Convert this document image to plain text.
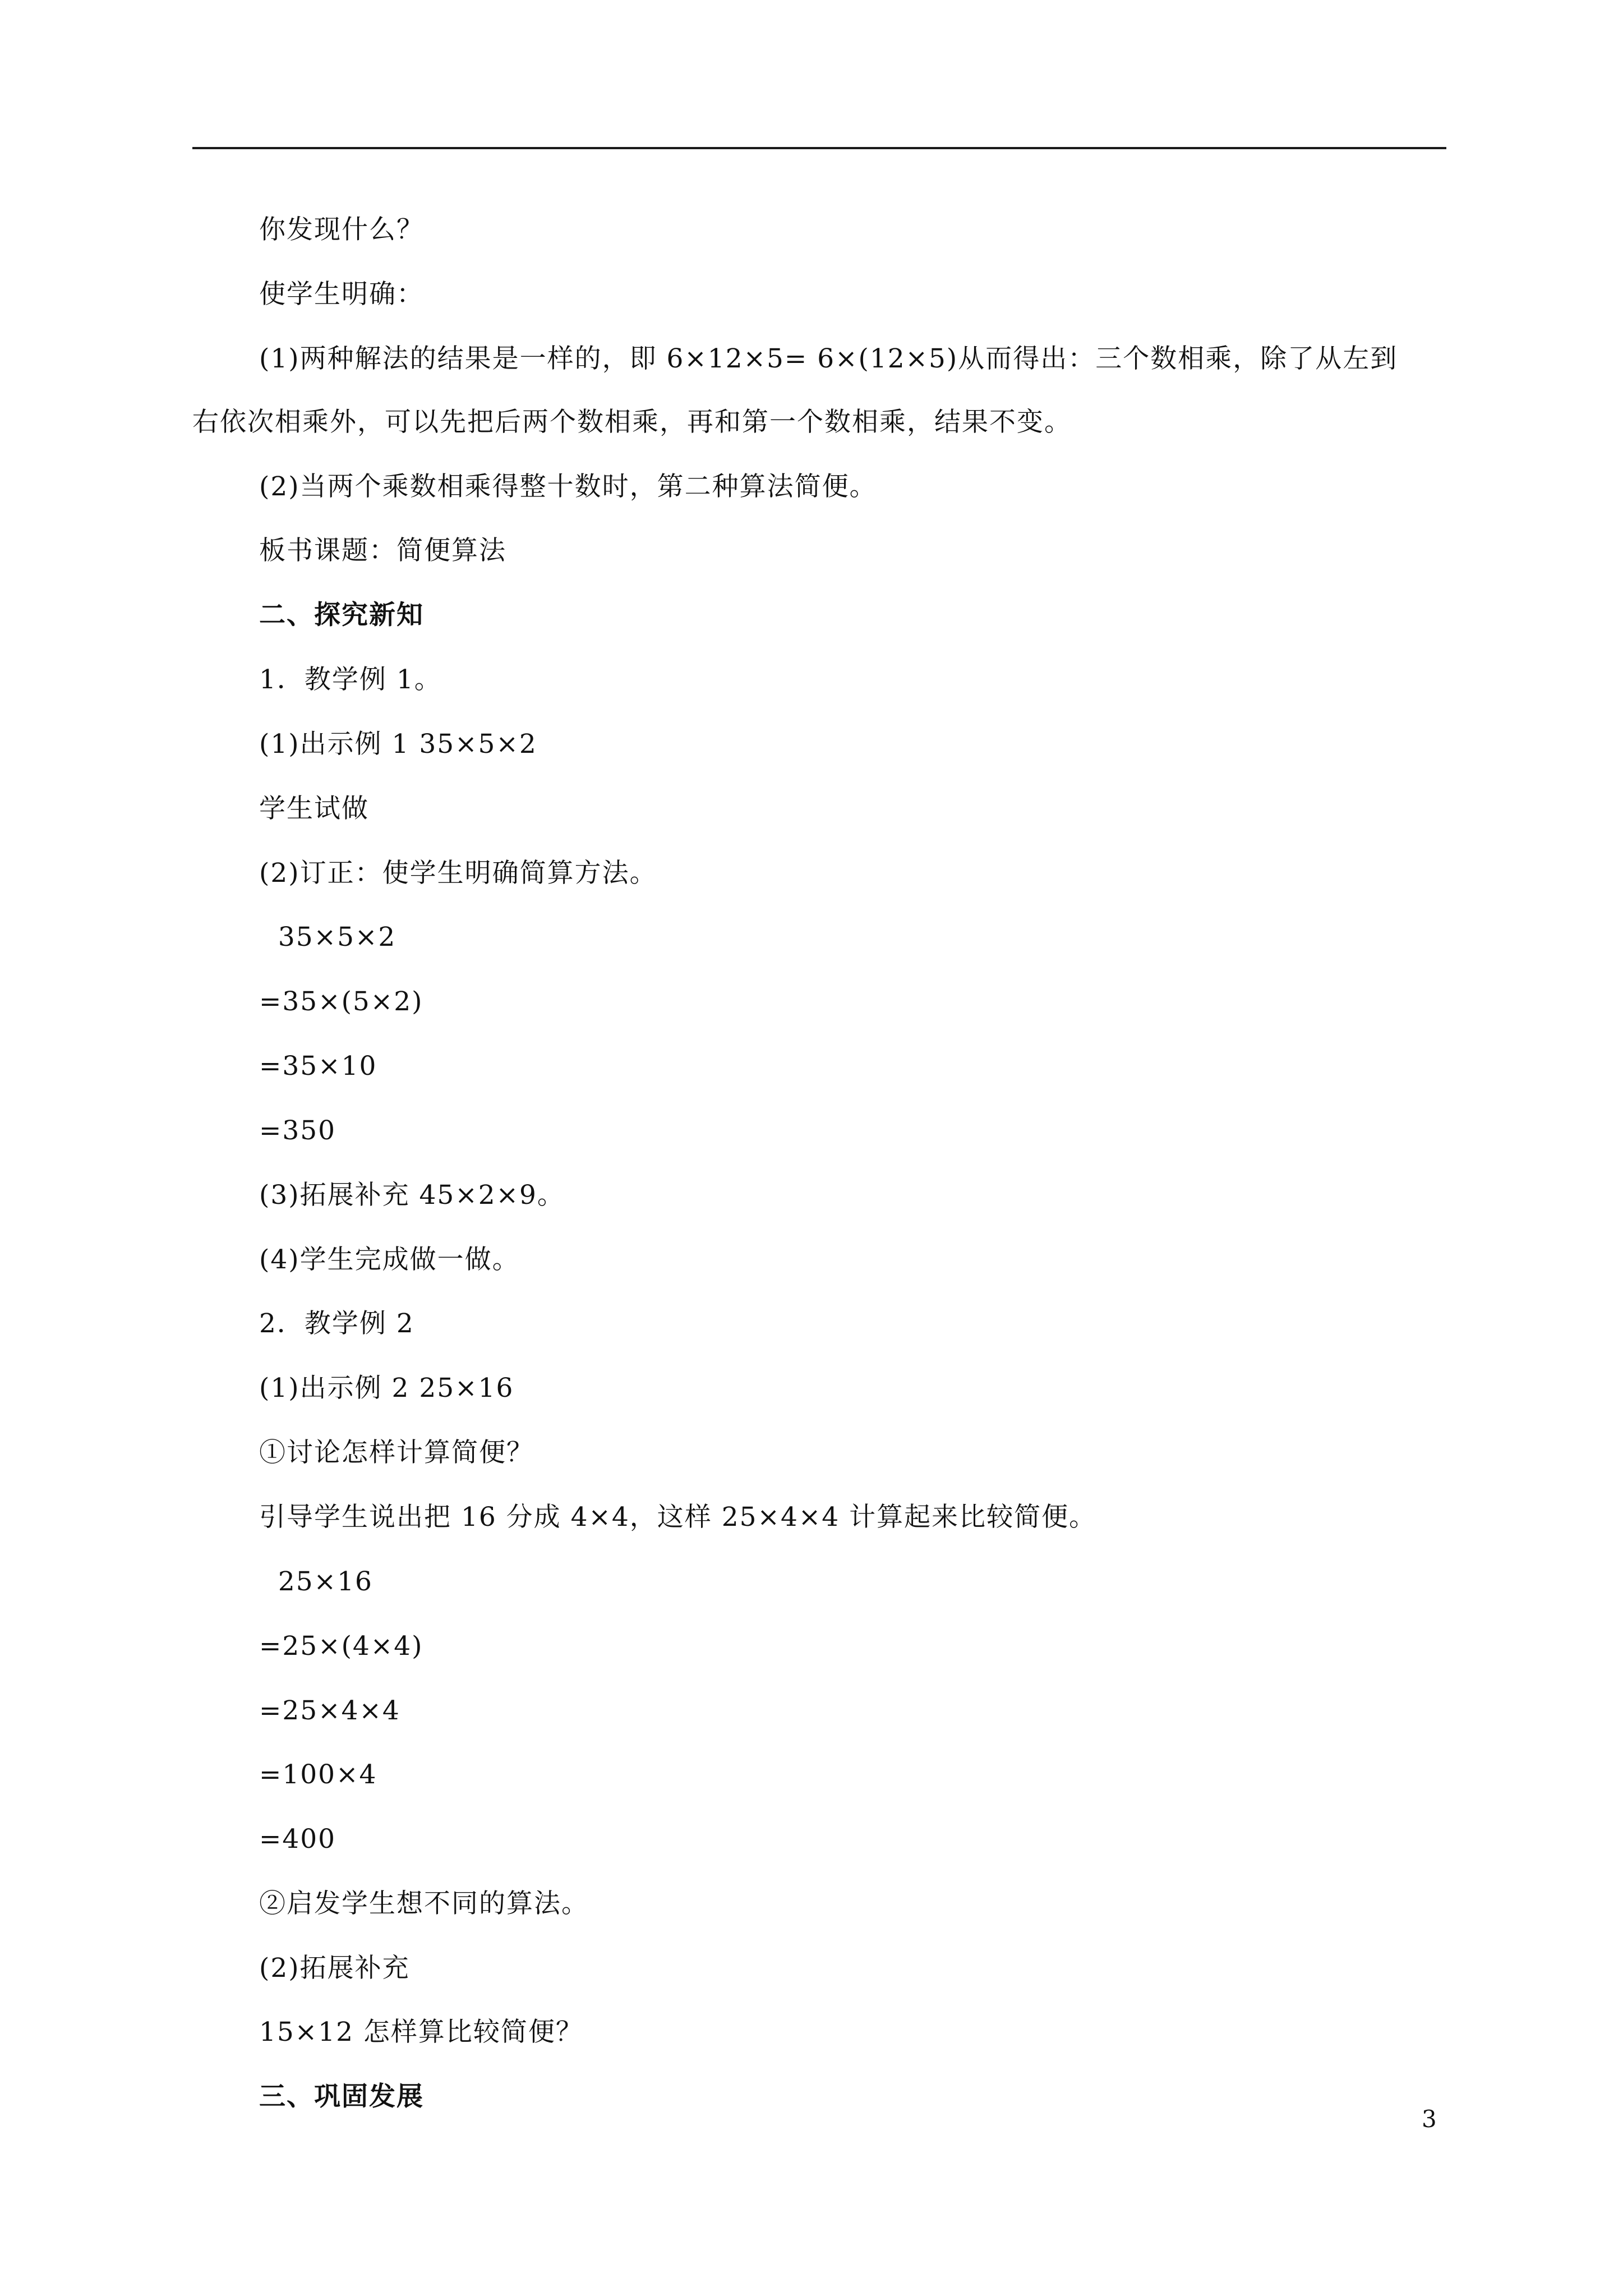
你发现什么？
使学生明确：
(1)两种解法的结果是一样的，即 6×12×5= 6×(12×5)从而得出：三个数相乘，除了从左到
右依次相乘外，可以先把后两个数相乘，再和第一个数相乘，结果不变。
(2)当两个乘数相乘得整十数时，第二种算法简便。
板书课题：简便算法
二、探究新知
1．教学例 1。
(1)出示例 1 35×5×2
学生试做
(2)订正：使学生明确简算方法。
35×5×2
=35×(5×2)
=35×10
=350
(3)拓展补充 45×2×9。
(4)学生完成做一做。
2．教学例 2
(1)出示例 2 25×16
①讨论怎样计算简便？
引导学生说出把 16 分成 4×4，这样 25×4×4 计算起来比较简便。
25×16
=25×(4×4)
=25×4×4
=100×4
=400
②启发学生想不同的算法。
(2)拓展补充
15×12 怎样算比较简便？
三、巩固发展
3
